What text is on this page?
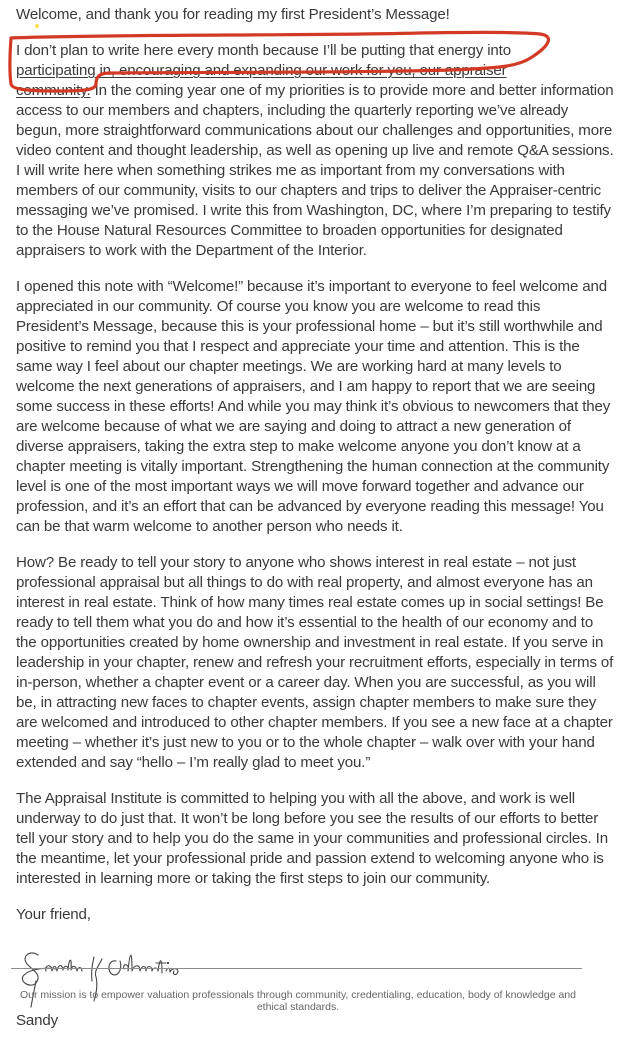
Welcome, and thank you for reading my first President’s Message!

I don’t plan to write here every month because I’ll be putting that energy into
participating in, encouraging and expanding our work for you, our appraiser
community. In the coming year one of my priorities is to provide more and better information access to our members and chapters, including the quarterly reporting we’ve already begun, more straightforward communications about our challenges and opportunities, more video content and thought leadership, as well as opening up live and remote Q&A sessions. I will write here when something strikes me as important from my conversations with members of our community, visits to our chapters and trips to deliver the Appraiser-centric messaging we’ve promised. I write this from Washington, DC, where I’m preparing to testify to the House Natural Resources Committee to broaden opportunities for designated appraisers to work with the Department of the Interior.

I opened this note with “Welcome!” because it’s important to everyone to feel welcome and appreciated in our community. Of course you know you are welcome to read this President’s Message, because this is your professional home – but it’s still worthwhile and positive to remind you that I respect and appreciate your time and attention. This is the same way I feel about our chapter meetings. We are working hard at many levels to welcome the next generations of appraisers, and I am happy to report that we are seeing some success in these efforts! And while you may think it’s obvious to newcomers that they are welcome because of what we are saying and doing to attract a new generation of diverse appraisers, taking the extra step to make welcome anyone you don’t know at a chapter meeting is vitally important. Strengthening the human connection at the community level is one of the most important ways we will move forward together and advance our profession, and it’s an effort that can be advanced by everyone reading this message! You can be that warm welcome to another person who needs it.

How? Be ready to tell your story to anyone who shows interest in real estate – not just professional appraisal but all things to do with real property, and almost everyone has an interest in real estate. Think of how many times real estate comes up in social settings! Be ready to tell them what you do and how it’s essential to the health of our economy and to the opportunities created by home ownership and investment in real estate. If you serve in leadership in your chapter, renew and refresh your recruitment efforts, especially in terms of in-person, whether a chapter event or a career day. When you are successful, as you will be, in attracting new faces to chapter events, assign chapter members to make sure they are welcomed and introduced to other chapter members. If you see a new face at a chapter meeting – whether it’s just new to you or to the whole chapter – walk over with your hand extended and say “hello – I’m really glad to meet you.”

The Appraisal Institute is committed to helping you with all the above, and work is well underway to do just that. It won’t be long before you see the results of our efforts to better tell your story and to help you do the same in your communities and professional circles. In the meantime, let your professional pride and passion extend to welcoming anyone who is interested in learning more or taking the first steps to join our community.

Your friend,

Sandy

Our mission is to empower valuation professionals through community, credentialing, education, body of knowledge and ethical standards.
